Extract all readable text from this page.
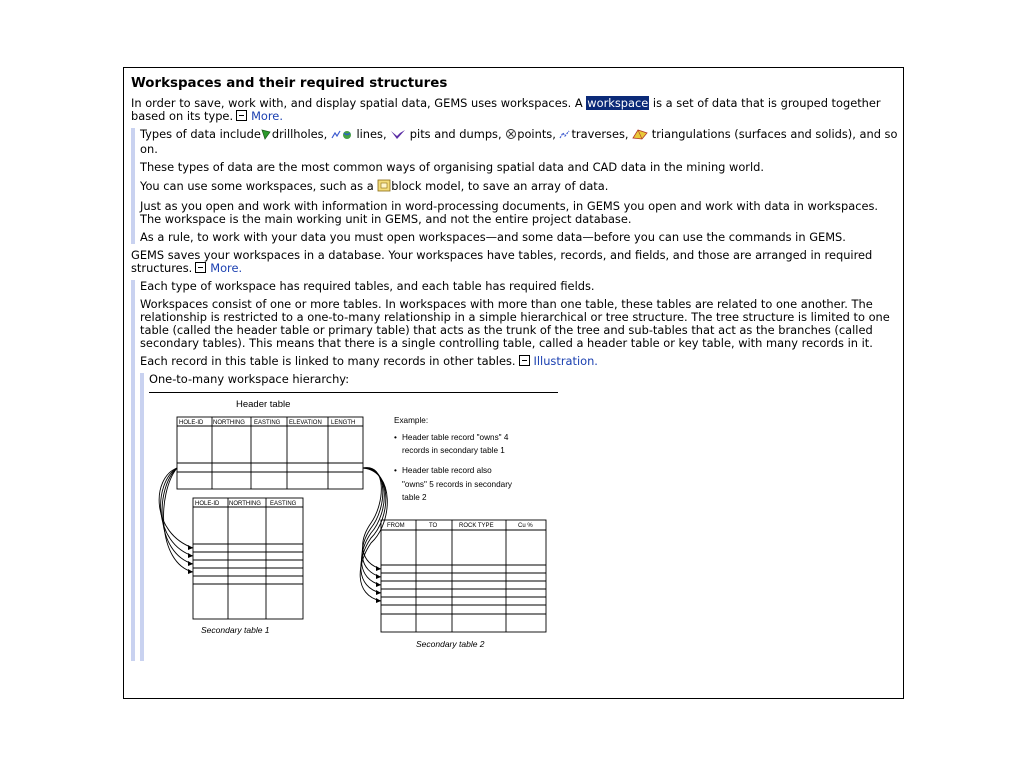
Workspaces and their required structures

In order to save, work with, and display spatial data, GEMS uses workspaces. A workspace is a set of data that is grouped together based on its type. More.

Types of data include drillholes,  lines,  pits and dumps, points, traverses,  triangulations (surfaces and solids), and so on.

These types of data are the most common ways of organising spatial data and CAD data in the mining world.

You can use some workspaces, such as a block model, to save an array of data.

Just as you open and work with information in word-processing documents, in GEMS you open and work with data in workspaces. The workspace is the main working unit in GEMS, and not the entire project database.

As a rule, to work with your data you must open workspaces—and some data—before you can use the commands in GEMS.

GEMS saves your workspaces in a database. Your workspaces have tables, records, and fields, and those are arranged in required structures. More.

Each type of workspace has required tables, and each table has required fields.

Workspaces consist of one or more tables. In workspaces with more than one table, these tables are related to one another. The relationship is restricted to a one-to-many relationship in a simple hierarchical or tree structure. The tree structure is limited to one table (called the header table or primary table) that acts as the trunk of the tree and sub-tables that act as the branches (called secondary tables). This means that there is a single controlling table, called a header table or key table, with many records in it.

Each record in this table is linked to many records in other tables. Illustration.

One-to-many workspace hierarchy:

Header table
HOLE-ID NORTHING EASTING ELEVATION LENGTH
HOLE-ID NORTHING EASTING
Secondary table 1
FROM	TO	ROCK TYPE	Cu %
Secondary table 2
Example:
• Header table record "owns" 4
records in secondary table 1
• Header table record also
"owns" 5 records in secondary
table 2
